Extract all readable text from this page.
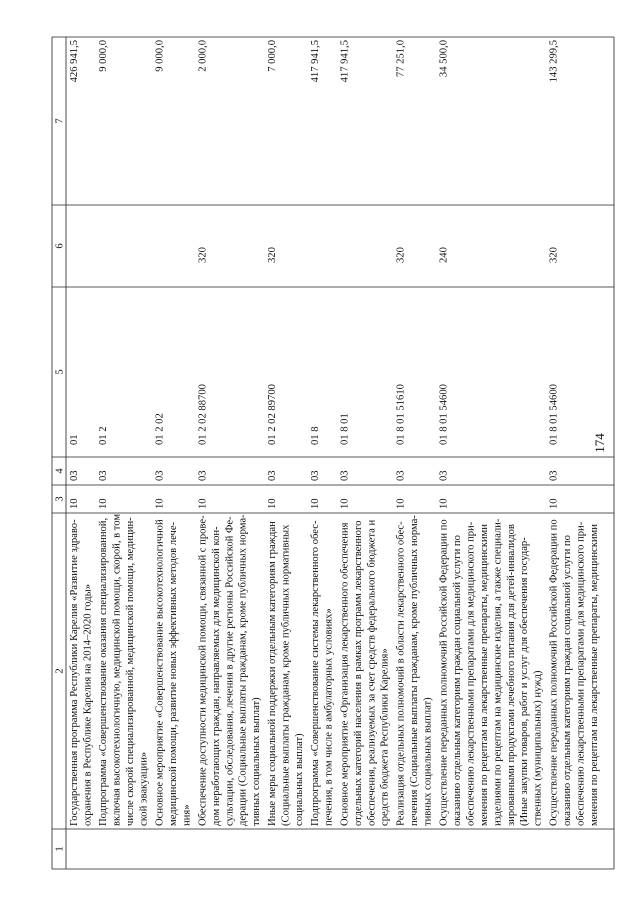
174
1
2
3
4
5
6
7
Государственная программа Республики Карелия «Развитие здраво- охранения в Республике Карелия на 2014–2020 годы»
10
03
01
426 941,5
Подпрограмма «Совершенствование оказания специализированной, включая высокотехнологичную, медицинской помощи, скорой, в том числе скорой специализированной, медицинской помощи, медицин- ской эвакуации»
10
03
01 2
9 000,0
Основное мероприятие «Совершенствование высокотехнологичной медицинской помощи, развитие новых эффективных методов лече- ния»
10
03
01 2 02
9 000,0
Обеспечение доступности медицинской помощи, связанной с прове- дом неработающих граждан, направляемых для медицинской кон- сультации, обследования, лечения в другие регионы Российской Фе- дерации (Социальные выплаты гражданам, кроме публичных норма- тивных социальных выплат)
10
03
01 2 02 88700
320
2 000,0
Иные меры социальной поддержки отдельным категориям граждан (Социальные выплаты гражданам, кроме публичных нормативных социальных выплат)
10
03
01 2 02 89700
320
7 000,0
Подпрограмма «Совершенствование системы лекарственного обес- печения, в том числе в амбулаторных условиях»
10
03
01 8
417 941,5
Основное мероприятие «Организация лекарственного обеспечения отдельных категорий населения в рамках программ лекарственного обеспечения, реализуемых за счет средств федерального бюджета и средств бюджета Республики Карелия»
10
03
01 8 01
417 941,5
Реализация отдельных полномочий в области лекарственного обес- печения (Социальные выплаты гражданам, кроме публичных норма- тивных социальных выплат)
10
03
01 8 01 51610
320
77 251,0
Осуществление переданных полномочий Российской Федерации по оказанию отдельным категориям граждан социальной услуги по обеспечению лекарственными препаратами для медицинского при- менения по рецептам на лекарственные препараты, медицинскими изделиями по рецептам на медицинские изделия, а также специали- зированными продуктами лечебного питания для детей-инвалидов (Иные закупки товаров, работ и услуг для обеспечения государ- ственных (муниципальных) нужд)
10
03
01 8 01 54600
240
34 500,0
Осуществление переданных полномочий Российской Федерации по оказанию отдельным категориям граждан социальной услуги по обеспечению лекарственными препаратами для медицинского при- менения по рецептам на лекарственные препараты, медицинскими
10
03
01 8 01 54600
320
143 299,5
